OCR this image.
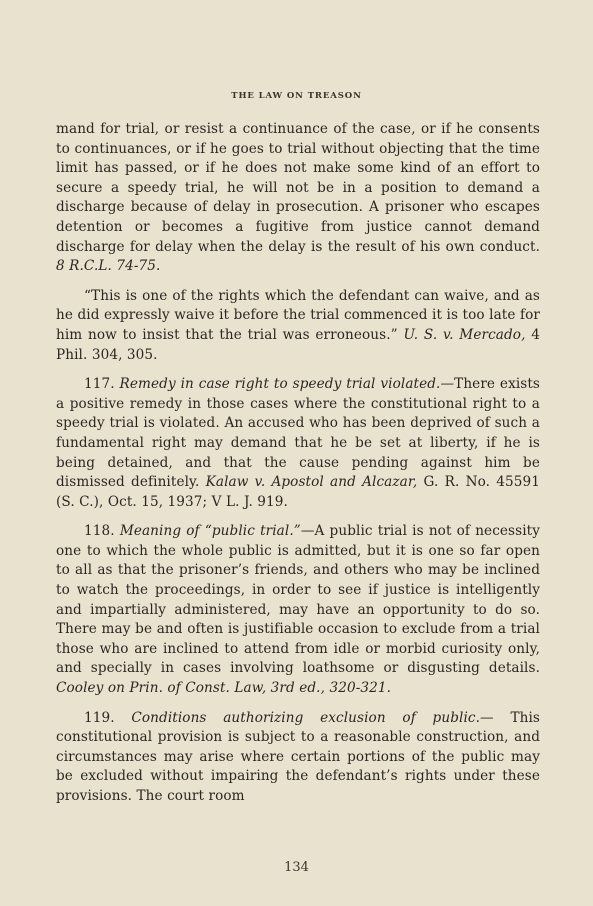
THE LAW ON TREASON

mand for trial, or resist a continuance of the case, or if he consents to continuances, or if he goes to trial without objecting that the time limit has passed, or if he does not make some kind of an effort to secure a speedy trial, he will not be in a position to demand a discharge because of delay in prosecution. A prisoner who escapes detention or becomes a fugitive from justice cannot demand discharge for delay when the delay is the result of his own conduct. 8 R.C.L. 74-75.

“This is one of the rights which the defendant can waive, and as he did expressly waive it before the trial commenced it is too late for him now to insist that the trial was erroneous.” U. S. v. Mercado, 4 Phil. 304, 305.

117. Remedy in case right to speedy trial violated.—There exists a positive remedy in those cases where the constitutional right to a speedy trial is violated. An accused who has been deprived of such a fundamental right may demand that he be set at liberty, if he is being detained, and that the cause pending against him be dismissed definitely. Kalaw v. Apostol and Alcazar, G. R. No. 45591 (S. C.), Oct. 15, 1937; V L. J. 919.

118. Meaning of “public trial.”—A public trial is not of necessity one to which the whole public is admitted, but it is one so far open to all as that the prisoner’s friends, and others who may be inclined to watch the proceedings, in order to see if justice is intelligently and impartially administered, may have an opportunity to do so. There may be and often is justifiable occasion to exclude from a trial those who are inclined to attend from idle or morbid curiosity only, and specially in cases involving loathsome or disgusting details. Cooley on Prin. of Const. Law, 3rd ed., 320-321.

119. Conditions authorizing exclusion of public.— This constitutional provision is subject to a reasonable construction, and circumstances may arise where certain portions of the public may be excluded without impairing the defendant’s rights under these provisions. The court room

134
